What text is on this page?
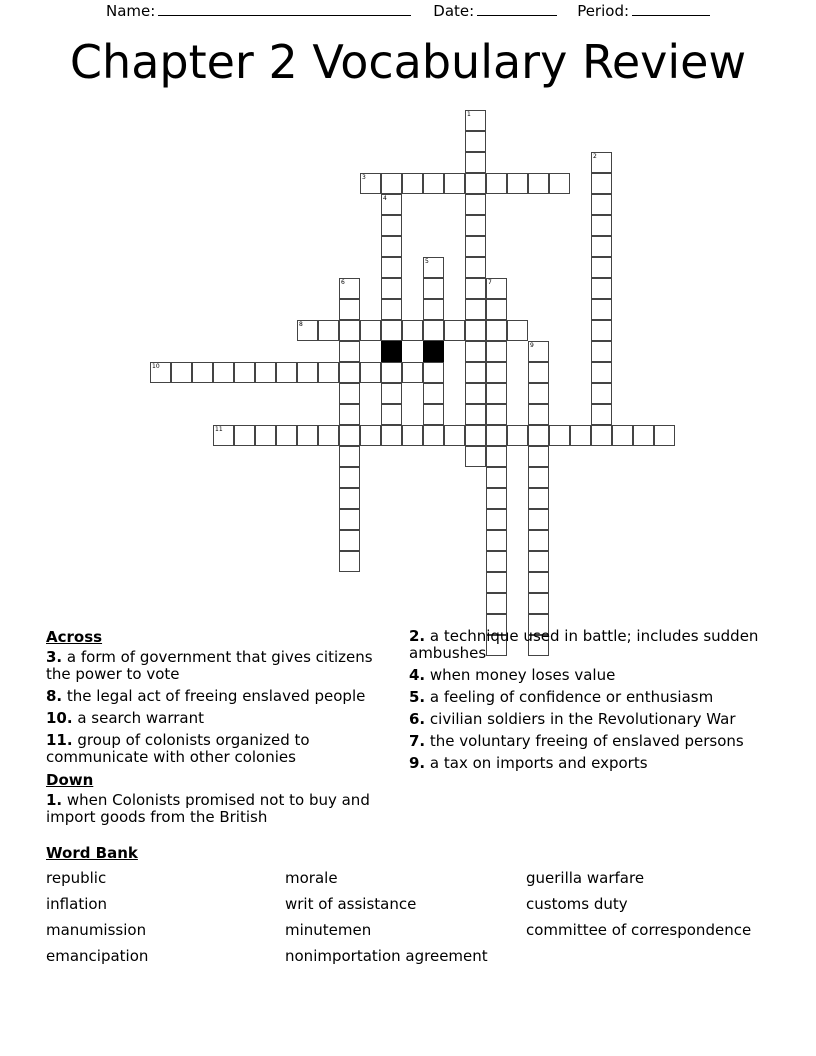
Name:	Date:	Period:
Chapter 2 Vocabulary Review
1
2
3
4
5
6	7
8
9
10
11
Across
3. a form of government that gives citizens the power to vote
8. the legal act of freeing enslaved people
10. a search warrant
11. group of colonists organized to communicate with other colonies
Down
1. when Colonists promised not to buy and import goods from the British
2. a technique used in battle; includes sudden ambushes
4. when money loses value
5. a feeling of confidence or enthusiasm
6. civilian soldiers in the Revolutionary War
7. the voluntary freeing of enslaved persons
9. a tax on imports and exports
Word Bank
republic	morale	guerilla warfare
inflation	writ of assistance	customs duty
manumission	minutemen	committee of correspondence
emancipation	nonimportation agreement
